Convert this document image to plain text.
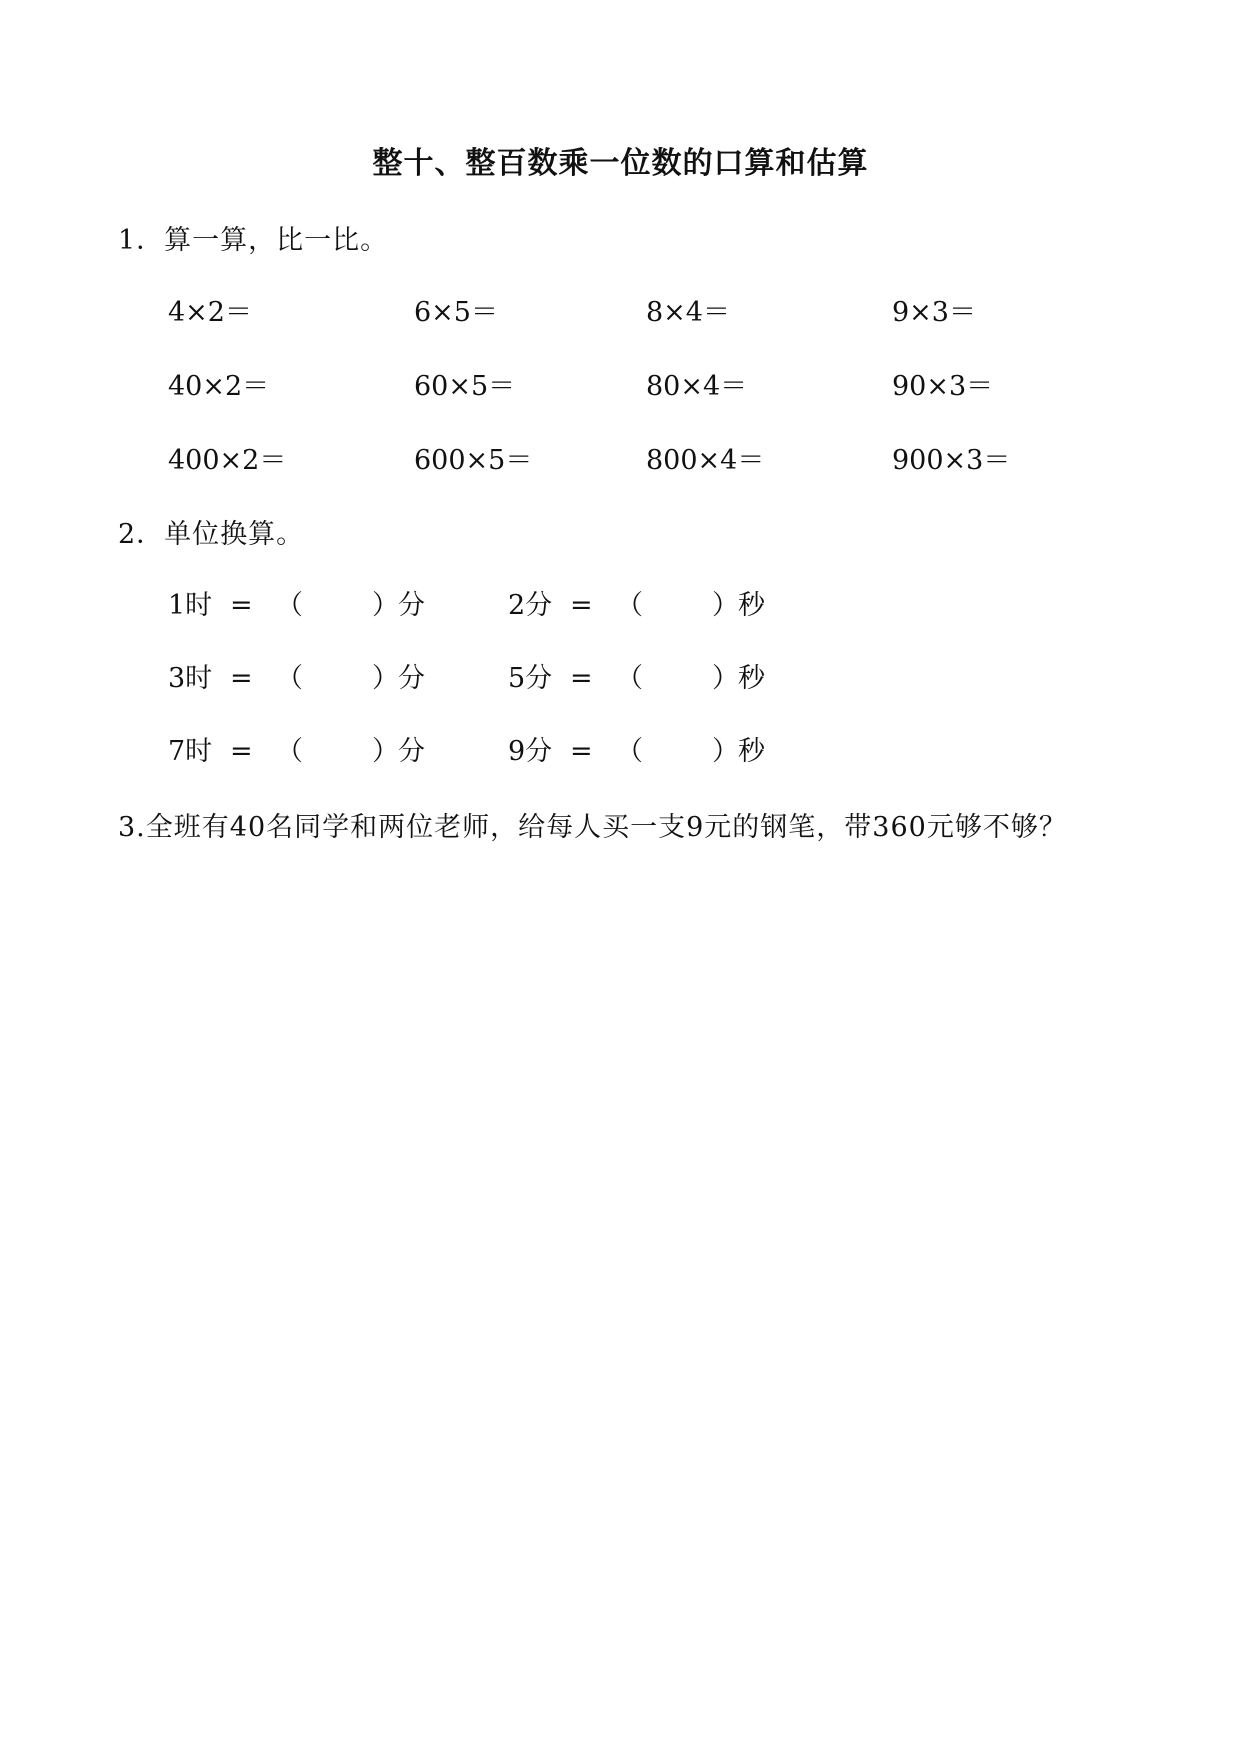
整十、整百数乘一位数的口算和估算
1．算一算，比一比。
4×2＝	6×5＝	8×4＝	9×3＝
40×2＝	60×5＝	80×4＝	90×3＝
400×2＝	600×5＝	800×4＝	900×3＝
2．单位换算。
1时 = （	）分	2分 = （	）秒
3时 = （	）分	5分 = （	）秒
7时 = （	）分	9分 = （	）秒
3.全班有40名同学和两位老师，给每人买一支9元的钢笔，带360元够不够？
